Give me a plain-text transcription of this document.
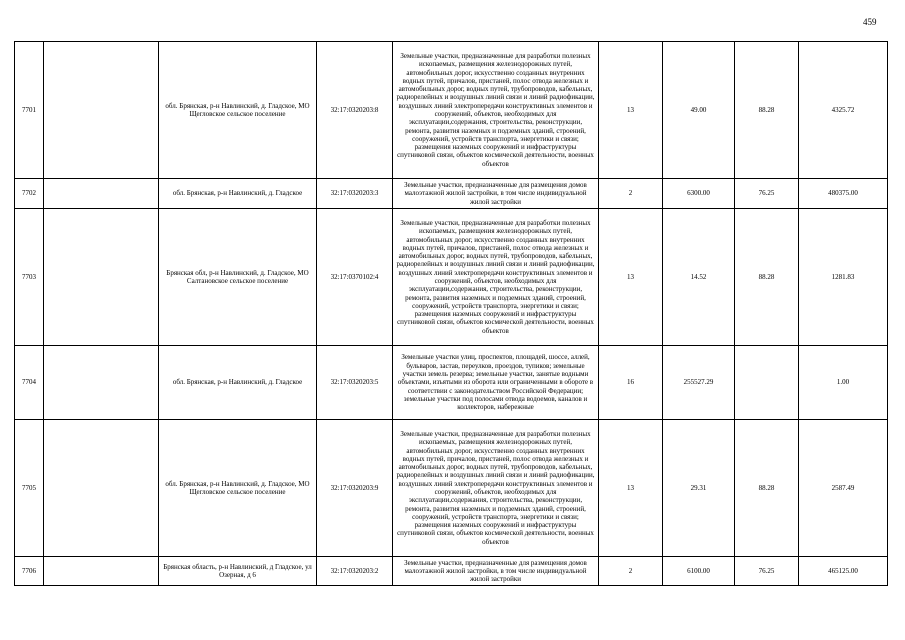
459
7701		обл. Брянская, р-н Навлинский, д. Гладское, МО Щегловское сельское поселение	32:17:0320203:8	Земельные участки, предназначенные для разработки полезных ископаемых, размещения железнодорожных путей, автомобильных дорог, искусственно созданных внутренних водных путей, причалов, пристаней, полос отвода железных и автомобильных дорог, водных путей, трубопроводов, кабельных, радиорелейных и воздушных линий связи и линий радиофикации, воздушных линий электропередачи конструктивных элементов и сооружений, объектов, необходимых для эксплуатации,содержания, строительства, реконструкции, ремонта, развития наземных и подземных зданий, строений, сооружений, устройств транспорта, энергетики и связи; размещения наземных сооружений и инфраструктуры спутниковой связи, объектов космической деятельности, военных объектов	13	49.00	88.28	4325.72
7702		обл. Брянская, р-н Навлинский, д. Гладское	32:17:0320203:3	Земельные участки, предназначенные для размещения домов малоэтажной жилой застройки, в том числе индивидуальной жилой застройки	2	6300.00	76.25	480375.00
7703		Брянская обл, р-н Навлинский, д. Гладское, МО Салтановское сельское поселение	32:17:0370102:4	Земельные участки, предназначенные для разработки полезных ископаемых, размещения железнодорожных путей, автомобильных дорог, искусственно созданных внутренних водных путей, причалов, пристаней, полос отвода железных и автомобильных дорог, водных путей, трубопроводов, кабельных, радиорелейных и воздушных линий связи и линий радиофикации, воздушных линий электропередачи конструктивных элементов и сооружений, объектов, необходимых для эксплуатации,содержания, строительства, реконструкции, ремонта, развития наземных и подземных зданий, строений, сооружений, устройств транспорта, энергетики и связи; размещения наземных сооружений и инфраструктуры спутниковой связи, объектов космической деятельности, военных объектов	13	14.52	88.28	1281.83
7704		обл. Брянская, р-н Навлинский, д. Гладское	32:17:0320203:5	Земельные участки улиц, проспектов, площадей, шоссе, аллей, бульваров, застав, переулков, проездов, тупиков; земельные участки земель резерва; земельные участки, занятые водными объектами, изъятыми из оборота или ограниченными в обороте в соответствии с законодательством Российской Федерации; земельные участки под полосами отвода водоемов, каналов и коллекторов, набережные	16	255527.29		1.00
7705		обл. Брянская, р-н Навлинский, д. Гладское, МО Щегловское сельское поселение	32:17:0320203:9	Земельные участки, предназначенные для разработки полезных ископаемых, размещения железнодорожных путей, автомобильных дорог, искусственно созданных внутренних водных путей, причалов, пристаней, полос отвода железных и автомобильных дорог, водных путей, трубопроводов, кабельных, радиорелейных и воздушных линий связи и линий радиофикации, воздушных линий электропередачи конструктивных элементов и сооружений, объектов, необходимых для эксплуатации,содержания, строительства, реконструкции, ремонта, развития наземных и подземных зданий, строений, сооружений, устройств транспорта, энергетики и связи; размещения наземных сооружений и инфраструктуры спутниковой связи, объектов космической деятельности, военных объектов	13	29.31	88.28	2587.49
7706		Брянская область, р-н Навлинский, д Гладское, ул Озерная, д 6	32:17:0320203:2	Земельные участки, предназначенные для размещения домов малоэтажной жилой застройки, в том числе индивидуальной жилой застройки	2	6100.00	76.25	465125.00
